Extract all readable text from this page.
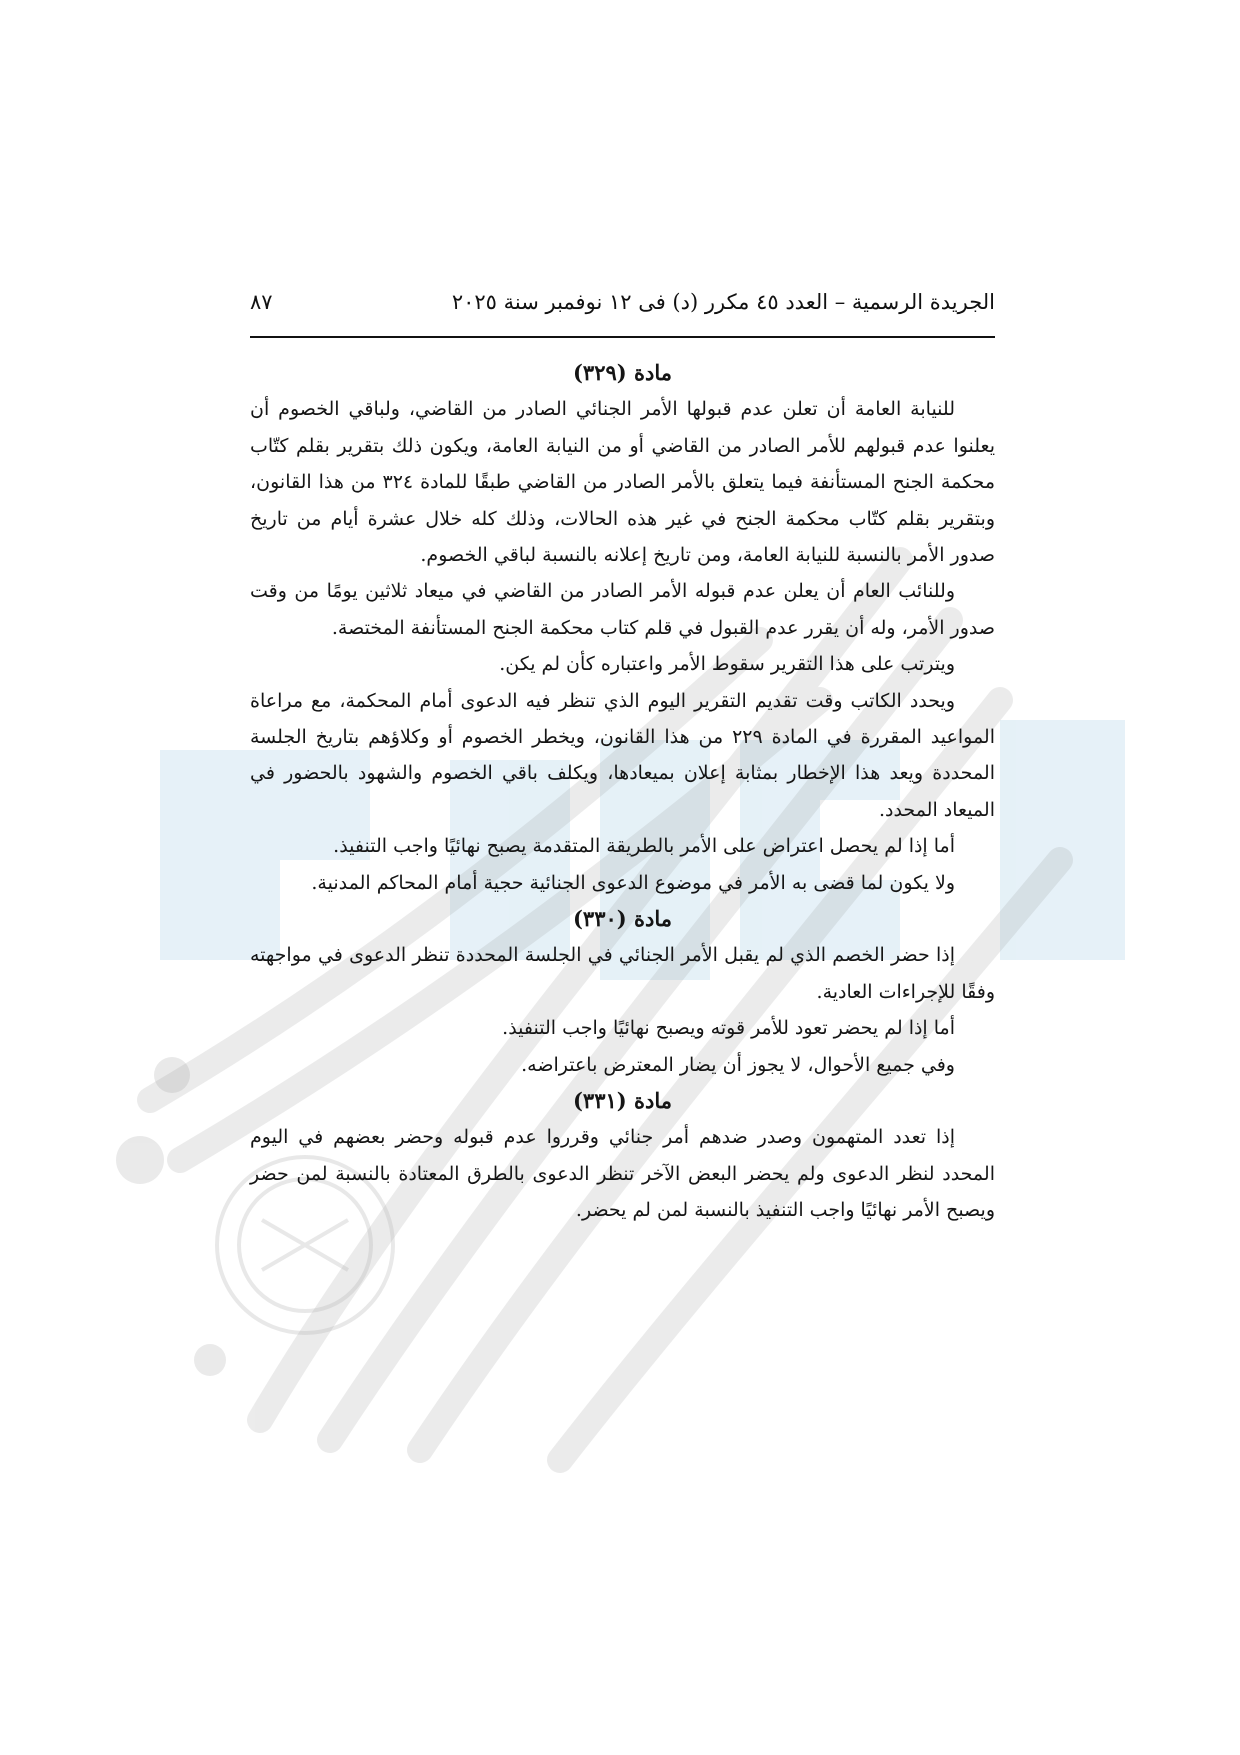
الجريدة الرسمية – العدد ٤٥ مكرر (د) فى ١٢ نوفمبر سنة ٢٠٢٥
٨٧
مادة (٣٢٩)

للنيابة العامة أن تعلن عدم قبولها الأمر الجنائي الصادر من القاضي، ولباقي الخصوم أن يعلنوا عدم قبولهم للأمر الصادر من القاضي أو من النيابة العامة، ويكون ذلك بتقرير بقلم كتّاب محكمة الجنح المستأنفة فيما يتعلق بالأمر الصادر من القاضي طبقًا للمادة ٣٢٤ من هذا القانون، وبتقرير بقلم كتّاب محكمة الجنح في غير هذه الحالات، وذلك كله خلال عشرة أيام من تاريخ صدور الأمر بالنسبة للنيابة العامة، ومن تاريخ إعلانه بالنسبة لباقي الخصوم.

وللنائب العام أن يعلن عدم قبوله الأمر الصادر من القاضي في ميعاد ثلاثين يومًا من وقت صدور الأمر، وله أن يقرر عدم القبول في قلم كتاب محكمة الجنح المستأنفة المختصة.

ويترتب على هذا التقرير سقوط الأمر واعتباره كأن لم يكن.

ويحدد الكاتب وقت تقديم التقرير اليوم الذي تنظر فيه الدعوى أمام المحكمة، مع مراعاة المواعيد المقررة في المادة ٢٢٩ من هذا القانون، ويخطر الخصوم أو وكلاؤهم بتاريخ الجلسة المحددة ويعد هذا الإخطار بمثابة إعلان بميعادها، ويكلف باقي الخصوم والشهود بالحضور في الميعاد المحدد.

أما إذا لم يحصل اعتراض على الأمر بالطريقة المتقدمة يصبح نهائيًا واجب التنفيذ.

ولا يكون لما قضى به الأمر في موضوع الدعوى الجنائية حجية أمام المحاكم المدنية.

مادة (٣٣٠)

إذا حضر الخصم الذي لم يقبل الأمر الجنائي في الجلسة المحددة تنظر الدعوى في مواجهته وفقًا للإجراءات العادية.

أما إذا لم يحضر تعود للأمر قوته ويصبح نهائيًا واجب التنفيذ.

وفي جميع الأحوال، لا يجوز أن يضار المعترض باعتراضه.

مادة (٣٣١)

إذا تعدد المتهمون وصدر ضدهم أمر جنائي وقرروا عدم قبوله وحضر بعضهم في اليوم المحدد لنظر الدعوى ولم يحضر البعض الآخر تنظر الدعوى بالطرق المعتادة بالنسبة لمن حضر ويصبح الأمر نهائيًا واجب التنفيذ بالنسبة لمن لم يحضر.
